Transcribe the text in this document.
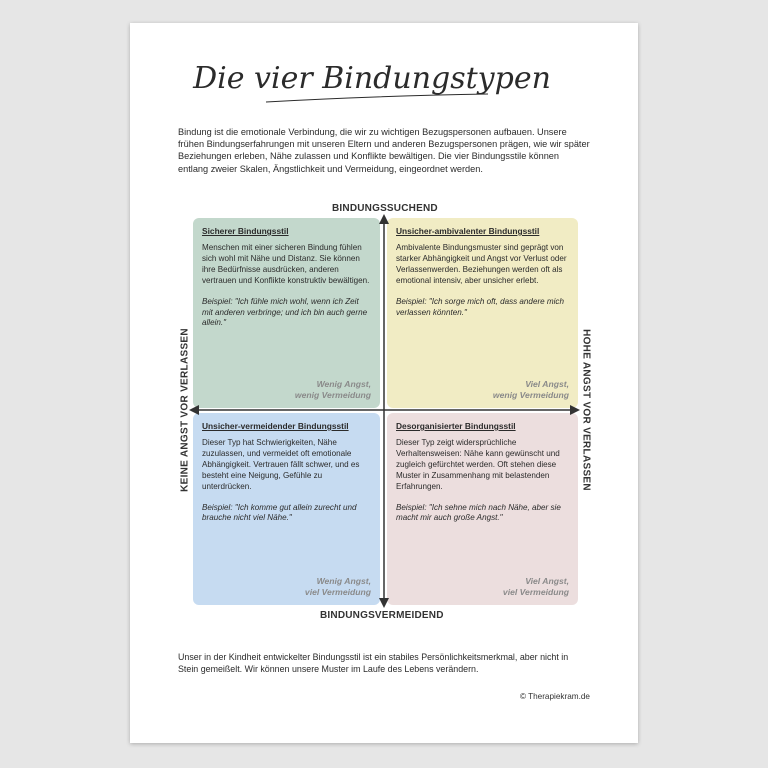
Die vier Bindungstypen
Bindung ist die emotionale Verbindung, die wir zu wichtigen Bezugspersonen aufbauen. Unsere frühen Bindungserfahrungen mit unseren Eltern und anderen Bezugspersonen prägen, wie wir später Beziehungen erleben, Nähe zulassen und Konflikte bewältigen. Die vier Bindungsstile können entlang zweier Skalen, Ängstlichkeit und Vermeidung, eingeordnet werden.
Sicherer Bindungsstil

Menschen mit einer sicheren Bindung fühlen sich wohl mit Nähe und Distanz. Sie können ihre Bedürfnisse ausdrücken, anderen vertrauen und Konflikte konstruktiv bewältigen.

Beispiel: "Ich fühle mich wohl, wenn ich Zeit mit anderen verbringe; und ich bin auch gerne allein."

Wenig Angst,
wenig Vermeidung
Unsicher-ambivalenter Bindungsstil

Ambivalente Bindungsmuster sind geprägt von starker Abhängigkeit und Angst vor Verlust oder Verlassenwerden. Beziehungen werden oft als emotional intensiv, aber unsicher erlebt.

Beispiel: "Ich sorge mich oft, dass andere mich verlassen könnten."

Viel Angst,
wenig Vermeidung
Unsicher-vermeidender Bindungsstil

Dieser Typ hat Schwierigkeiten, Nähe zuzulassen, und vermeidet oft emotionale Abhängigkeit. Vertrauen fällt schwer, und es besteht eine Neigung, Gefühle zu unterdrücken.

Beispiel: "Ich komme gut allein zurecht und brauche nicht viel Nähe."

Wenig Angst,
viel Vermeidung
Desorganisierter Bindungsstil

Dieser Typ zeigt widersprüchliche Verhaltensweisen: Nähe kann gewünscht und zugleich gefürchtet werden. Oft stehen diese Muster in Zusammenhang mit belastenden Erfahrungen.

Beispiel: "Ich sehne mich nach Nähe, aber sie macht mir auch große Angst."

Viel Angst,
viel Vermeidung
BINDUNGSSUCHEND
BINDUNGSVERMEIDEND
KEINE ANGST VOR VERLASSEN	HOHE ANGST VOR VERLASSEN
Unser in der Kindheit entwickelter Bindungsstil ist ein stabiles Persönlichkeitsmerkmal, aber nicht in Stein gemeißelt. Wir können unsere Muster im Laufe des Lebens verändern.
© Therapiekram.de
